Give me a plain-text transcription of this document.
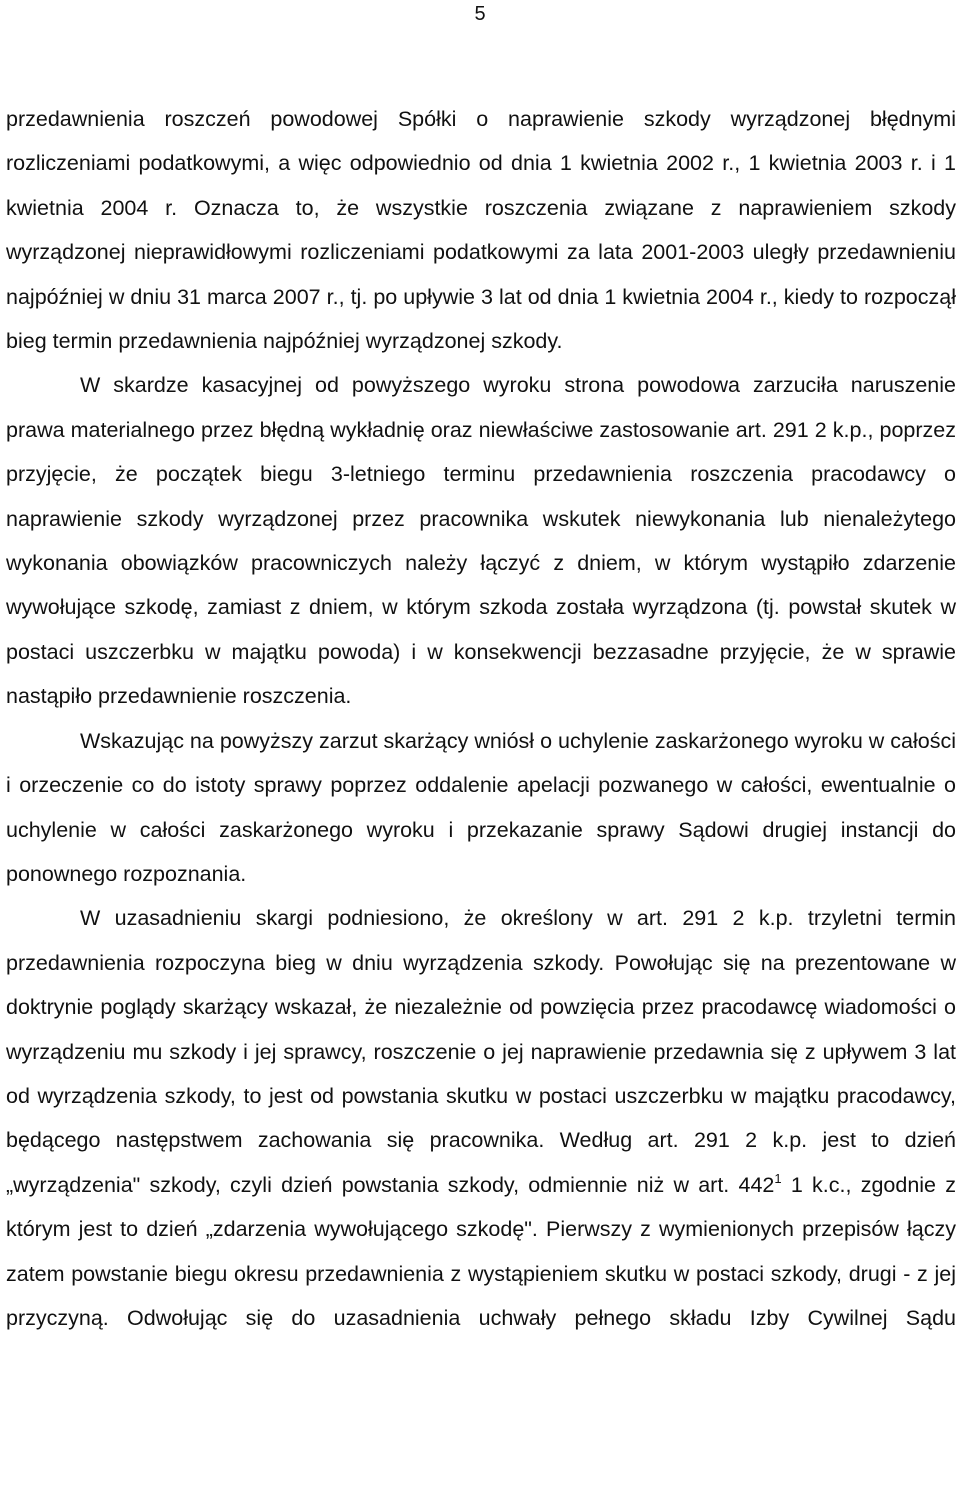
5

przedawnienia roszczeń powodowej Spółki o naprawienie szkody wyrządzonej błędnymi rozliczeniami podatkowymi, a więc odpowiednio od dnia 1 kwietnia 2002 r., 1 kwietnia 2003 r. i 1 kwietnia 2004 r. Oznacza to, że wszystkie roszczenia związane z naprawieniem szkody wyrządzonej nieprawidłowymi rozliczeniami podatkowymi za lata 2001-2003 uległy przedawnieniu najpóźniej w dniu 31 marca 2007 r., tj. po upływie 3 lat od dnia 1 kwietnia 2004 r., kiedy to rozpoczął bieg termin przedawnienia najpóźniej wyrządzonej szkody.

W skardze kasacyjnej od powyższego wyroku strona powodowa zarzuciła naruszenie prawa materialnego przez błędną wykładnię oraz niewłaściwe zastosowanie art. 291 2 k.p., poprzez przyjęcie, że początek biegu 3-letniego terminu przedawnienia roszczenia pracodawcy o naprawienie szkody wyrządzonej przez pracownika wskutek niewykonania lub nienależytego wykonania obowiązków pracowniczych należy łączyć z dniem, w którym wystąpiło zdarzenie wywołujące szkodę, zamiast z dniem, w którym szkoda została wyrządzona (tj. powstał skutek w postaci uszczerbku w majątku powoda) i w konsekwencji bezzasadne przyjęcie, że w sprawie nastąpiło przedawnienie roszczenia.

Wskazując na powyższy zarzut skarżący wniósł o uchylenie zaskarżonego wyroku w całości i orzeczenie co do istoty sprawy poprzez oddalenie apelacji pozwanego w całości, ewentualnie o uchylenie w całości zaskarżonego wyroku i przekazanie sprawy Sądowi drugiej instancji do ponownego rozpoznania.

W uzasadnieniu skargi podniesiono, że określony w art. 291 2 k.p. trzyletni termin przedawnienia rozpoczyna bieg w dniu wyrządzenia szkody. Powołując się na prezentowane w doktrynie poglądy skarżący wskazał, że niezależnie od powzięcia przez pracodawcę wiadomości o wyrządzeniu mu szkody i jej sprawcy, roszczenie o jej naprawienie przedawnia się z upływem 3 lat od wyrządzenia szkody, to jest od powstania skutku w postaci uszczerbku w majątku pracodawcy, będącego następstwem zachowania się pracownika. Według art. 291 2 k.p. jest to dzień „wyrządzenia" szkody, czyli dzień powstania szkody, odmiennie niż w art. $442^1$ 1 k.c., zgodnie z którym jest to dzień „zdarzenia wywołującego szkodę". Pierwszy z wymienionych przepisów łączy zatem powstanie biegu okresu przedawnienia z wystąpieniem skutku w postaci szkody, drugi - z jej przyczyną. Odwołując się do uzasadnienia uchwały pełnego składu Izby Cywilnej Sądu
